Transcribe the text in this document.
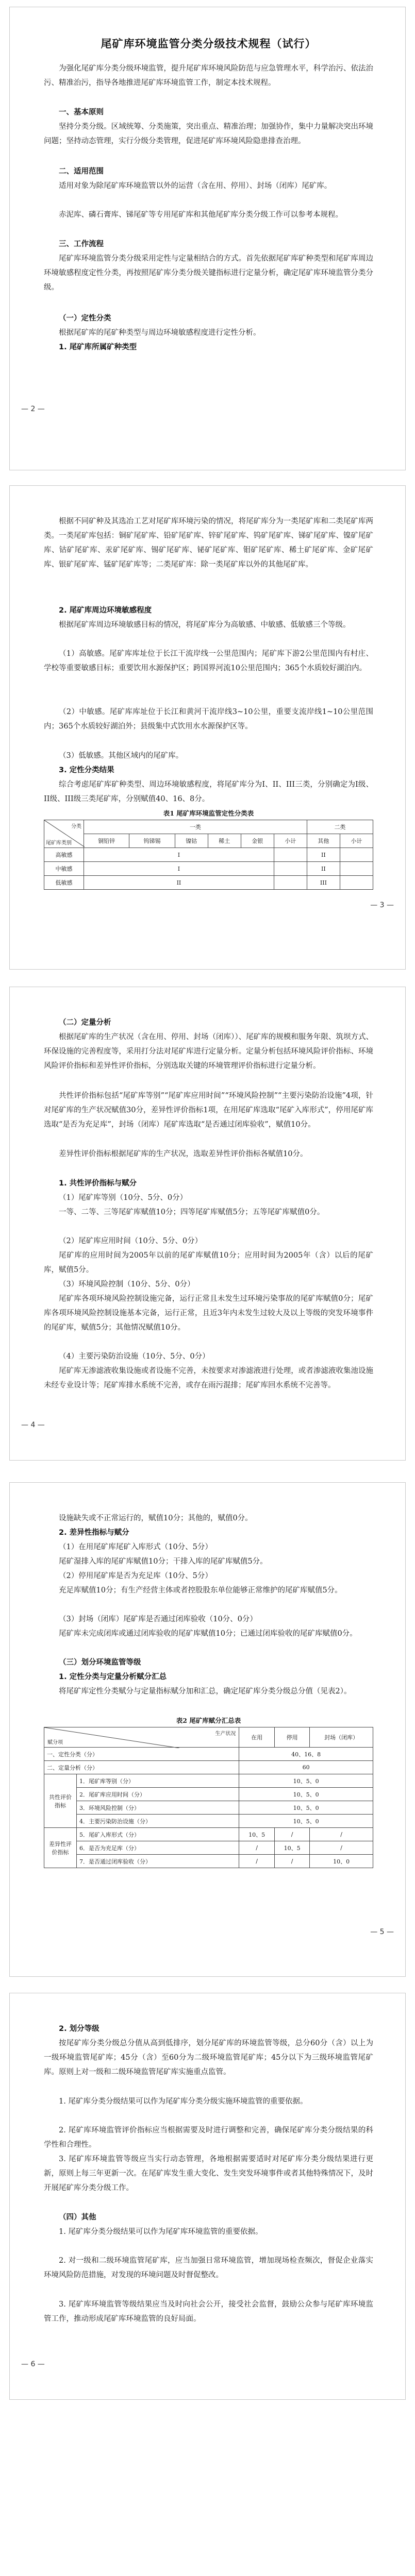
尾矿库环境监管分类分级技术规程（试行）
为强化尾矿库分类分级环境监管，提升尾矿库环境风险防范与应急管理水平，科学治污、依法治污、精准治污，指导各地推进尾矿库环境监管工作，制定本技术规程。
一、基本原则
坚持分类分级。区域统筹、分类施策，突出重点、精准治理；加强协作，集中力量解决突出环境问题；坚持动态管理，实行分级分类管理，促进尾矿库环境风险隐患排查治理。
二、适用范围
适用对象为除尾矿库环境监管以外的运营（含在用、停用）、封场（闭库）尾矿库。
赤泥库、磷石膏库、锑尾矿等专用尾矿库和其他尾矿库分类分级工作可以参考本规程。
三、工作流程
尾矿库环境监管分类分级采用定性与定量相结合的方式。首先依据尾矿库矿种类型和尾矿库周边环境敏感程度定性分类，再按照尾矿库分类分级关键指标进行定量分析，确定尾矿库环境监管分类分级。
（一）定性分类
根据尾矿库的尾矿种类型与周边环境敏感程度进行定性分析。
1. 尾矿库所属矿种类型
— 2 —
根据不同矿种及其选冶工艺对尾矿库环境污染的情况，将尾矿库分为一类尾矿库和二类尾矿库两类。一类尾矿库包括：铜矿尾矿库、铅矿尾矿库、锌矿尾矿库、钨矿尾矿库、锑矿尾矿库、镍矿尾矿库、钴矿尾矿库、汞矿尾矿库、锡矿尾矿库、铋矿尾矿库、钼矿尾矿库、稀土矿尾矿库、金矿尾矿库、银矿尾矿库、锰矿尾矿库等；二类尾矿库：除一类尾矿库以外的其他尾矿库。
2. 尾矿库周边环境敏感程度
根据尾矿库周边环境敏感目标的情况，将尾矿库分为高敏感、中敏感、低敏感三个等级。
（1）高敏感。尾矿库库址位于长江干流岸线一公里范围内；尾矿库下游2公里范围内有村庄、学校等重要敏感目标；重要饮用水源保护区；跨国界河流10公里范围内；365个水质较好湖泊内。
（2）中敏感。尾矿库库址位于长江和黄河干流岸线3~10公里，重要支流岸线1~10公里范围内；365个水质较好湖泊外；县级集中式饮用水水源保护区等。
（3）低敏感。其他区域内的尾矿库。
3. 定性分类结果
综合考虑尾矿库矿种类型、周边环境敏感程度，将尾矿库分为I、II、III三类，分别确定为I级、II级、III级三类尾矿库，分别赋值40、16、8分。
表1 尾矿库环境监管定性分类表
分类
尾矿库类别	一类						二类	
	铜铅锌	钨锑锡	镍钴	稀土	金银	小计	其他	小计
高敏感	I						II	
中敏感	I						II	
低敏感	II						III	
— 3 —
（二）定量分析
根据尾矿库的生产状况（含在用、停用、封场（闭库））、尾矿库的规模和服务年限、筑坝方式、环保设施的完善程度等，采用打分法对尾矿库进行定量分析。定量分析包括环境风险评价指标、环境风险评价指标和差异性评价指标，分别选取关键的环境管理评价指标进行定量分析。
共性评价指标包括“尾矿库等别”“尾矿库应用时间”“环境风险控制”“主要污染防治设施”4项，针对尾矿库的生产状况赋值30分，差异性评价指标1项，在用尾矿库选取“尾矿入库形式”，停用尾矿库选取“是否为充足库”，封场（闭库）尾矿库选取“是否通过闭库验收”，赋值10分。
差异性评价指标根据尾矿库的生产状况，选取差异性评价指标各赋值10分。
1. 共性评价指标与赋分
（1）尾矿库等别（10分、5分、0分）
一等、二等、三等尾矿库赋值10分；四等尾矿库赋值5分；五等尾矿库赋值0分。
（2）尾矿库应用时间（10分、5分、0分）
尾矿库的应用时间为2005年以前的尾矿库赋值10分；应用时间为2005年（含）以后的尾矿库，赋值5分。
（3）环境风险控制（10分、5分、0分）
尾矿库各项环境风险控制设施完备，运行正常且未发生过环境污染事故的尾矿库赋值0分；尾矿库各项环境风险控制设施基本完备，运行正常，且近3年内未发生过较大及以上等级的突发环境事件的尾矿库，赋值5分；其他情况赋值10分。
（4）主要污染防治设施（10分、5分、0分）
尾矿库无渗滤液收集设施或者设施不完善，未按要求对渗滤液进行处理，或者渗滤液收集池设施未经专业设计等；尾矿库排水系统不完善，或存在雨污混排；尾矿库回水系统不完善等。
— 4 —
设施缺失或不正常运行的，赋值10分；其他的，赋值0分。
2. 差异性指标与赋分
（1）在用尾矿库尾矿入库形式（10分、5分）
尾矿湿排入库的尾矿库赋值10分；干排入库的尾矿库赋值5分。
（2）停用尾矿库是否为充足库（10分、5分）
充足库赋值10分；有生产经营主体或者控股股东单位能够正常维护的尾矿库赋值5分。
（3）封场（闭库）尾矿库是否通过闭库验收（10分、0分）
尾矿库未完成闭库或通过闭库验收的尾矿库赋值10分；已通过闭库验收的尾矿库赋值0分。
（三）划分环境监管等级
1. 定性分类与定量分析赋分汇总
将尾矿库定性分类赋分与定量指标赋分加和汇总，确定尾矿库分类分级总分值（见表2）。
表2 尾矿库赋分汇总表
生产状况
赋分项		在用	停用	封场（闭库）
一、定性分类（分）		40、16、8		
二、定量分析（分）		60		
共性评价指标	1．尾矿库等别（分）	10、5、0		
	2．尾矿库应用时间（分）	10、5、0		
	3．环境风险控制（分）	10、5、0		
	4．主要污染防治设施（分）	10、5、0		
差异性评价指标	5．尾矿入库形式（分）	10、5	/	/
	6．是否为充足库（分）	/	10、5	/
	7．是否通过闭库验收（分）	/	/	10、0
— 5 —
2. 划分等级
按尾矿库分类分级总分值从高到低排序，划分尾矿库的环境监管等级，总分60分（含）以上为一级环境监管尾矿库；45分（含）至60分为二级环境监管尾矿库；45分以下为三级环境监管尾矿库。原则上对一级和二级环境监管尾矿库实施重点监管。
1. 尾矿库分类分级结果可以作为尾矿库分类分级实施环境监管的重要依据。
2. 尾矿库环境监管评价指标应当根据需要及时进行调整和完善，确保尾矿库分类分级结果的科学性和合理性。
3. 尾矿库环境监管等级应当实行动态管理，各地根据需要适时对尾矿库分类分级结果进行更新，原则上每三年更新一次。在尾矿库发生重大变化、发生突发环境事件或者其他特殊情况下，及时开展尾矿库分类分级工作。
（四）其他
1. 尾矿库分类分级结果可以作为尾矿库环境监管的重要依据。
2. 对一级和二级环境监管尾矿库，应当加强日常环境监管，增加现场检查频次，督促企业落实环境风险防范措施，对发现的环境问题及时督促整改。
3. 尾矿库环境监管等级结果应当及时向社会公开，接受社会监督，鼓励公众参与尾矿库环境监管工作，推动形成尾矿库环境监管的良好局面。
— 6 —
